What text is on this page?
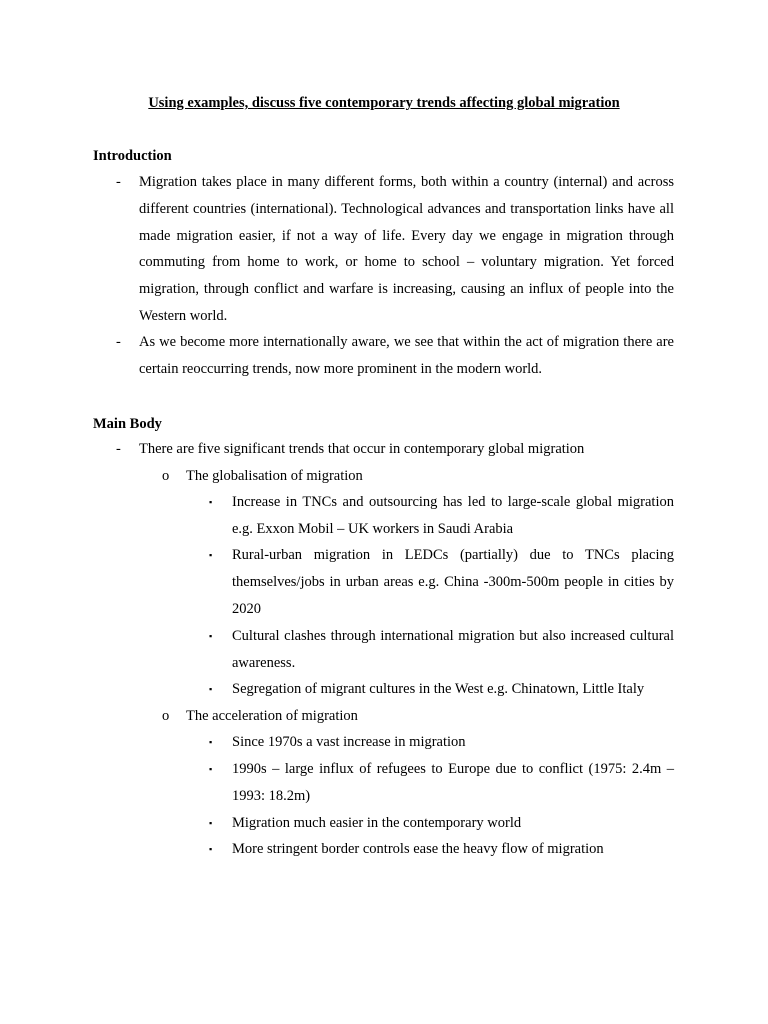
Using examples, discuss five contemporary trends affecting global migration
Introduction
-	Migration takes place in many different forms, both within a country (internal) and across different countries (international). Technological advances and transportation links have all made migration easier, if not a way of life. Every day we engage in migration through commuting from home to work, or home to school – voluntary migration. Yet forced migration, through conflict and warfare is increasing, causing an influx of people into the Western world.
-	As we become more internationally aware, we see that within the act of migration there are certain reoccurring trends, now more prominent in the modern world.
Main Body
-	There are five significant trends that occur in contemporary global migration
o	The globalisation of migration
▪	Increase in TNCs and outsourcing has led to large-scale global migration e.g. Exxon Mobil – UK workers in Saudi Arabia
▪	Rural-urban migration in LEDCs (partially) due to TNCs placing themselves/jobs in urban areas e.g. China -300m-500m people in cities by 2020
▪	Cultural clashes through international migration but also increased cultural awareness.
▪	Segregation of migrant cultures in the West e.g. Chinatown, Little Italy
o	The acceleration of migration
▪	Since 1970s a vast increase in migration
▪	1990s – large influx of refugees to Europe due to conflict (1975: 2.4m – 1993: 18.2m)
▪	Migration much easier in the contemporary world
▪	More stringent border controls ease the heavy flow of migration
